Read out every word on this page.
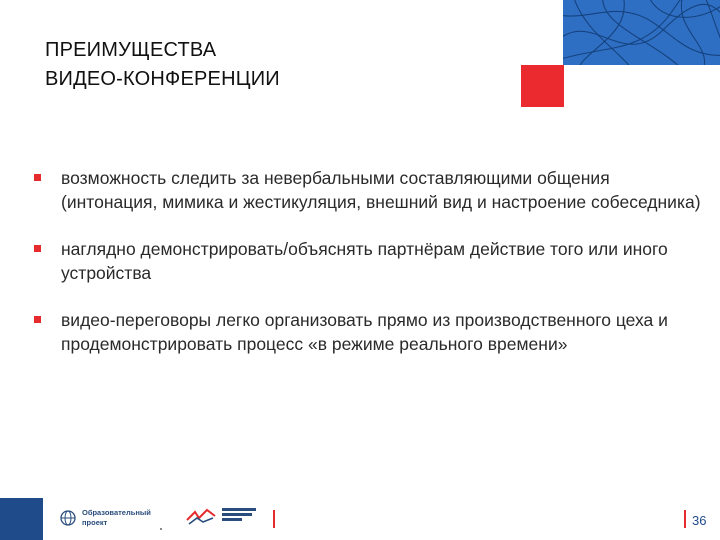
ПРЕИМУЩЕСТВА
ВИДЕО-КОНФЕРЕНЦИИ
возможность следить за невербальными составляющими общения (интонация, мимика и жестикуляция, внешний вид и настроение собеседника)
наглядно демонстрировать/объяснять партнёрам действие того или иного устройства
видео-переговоры легко организовать прямо из производственного цеха и продемонстрировать процесс «в режиме реального времени»
Образовательный
проект	36
